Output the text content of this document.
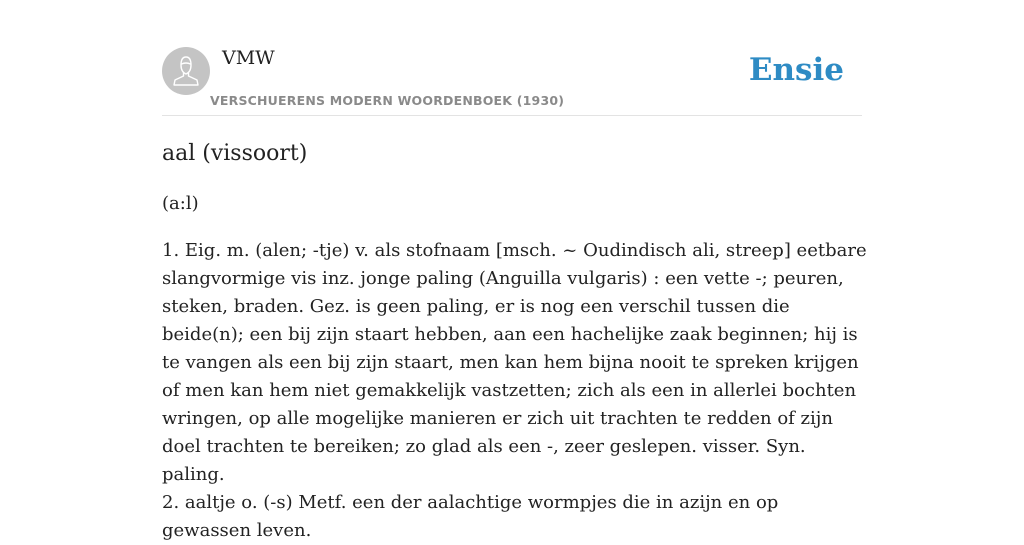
VMW
VERSCHUERENS MODERN WOORDENBOEK (1930)
Ensie
aal (vissoort)

(a:l)

1. Eig. m. (alen; -tje) v. als stofnaam [msch. ~ Oudindisch ali, streep] eetbare slangvormige vis inz. jonge paling (Anguilla vulgaris) : een vette -; peuren, steken, braden. Gez. is geen paling, er is nog een verschil tussen die beide(n); een bij zijn staart hebben, aan een hachelijke zaak beginnen; hij is te vangen als een bij zijn staart, men kan hem bijna nooit te spreken krijgen of men kan hem niet gemakkelijk vastzetten; zich als een in allerlei bochten wringen, op alle mogelijke manieren er zich uit trachten te redden of zijn doel trachten te bereiken; zo glad als een -, zeer geslepen. visser. Syn. paling.

2. aaltje o. (-s) Metf. een der aalachtige wormpjes die in azijn en op gewassen leven.
